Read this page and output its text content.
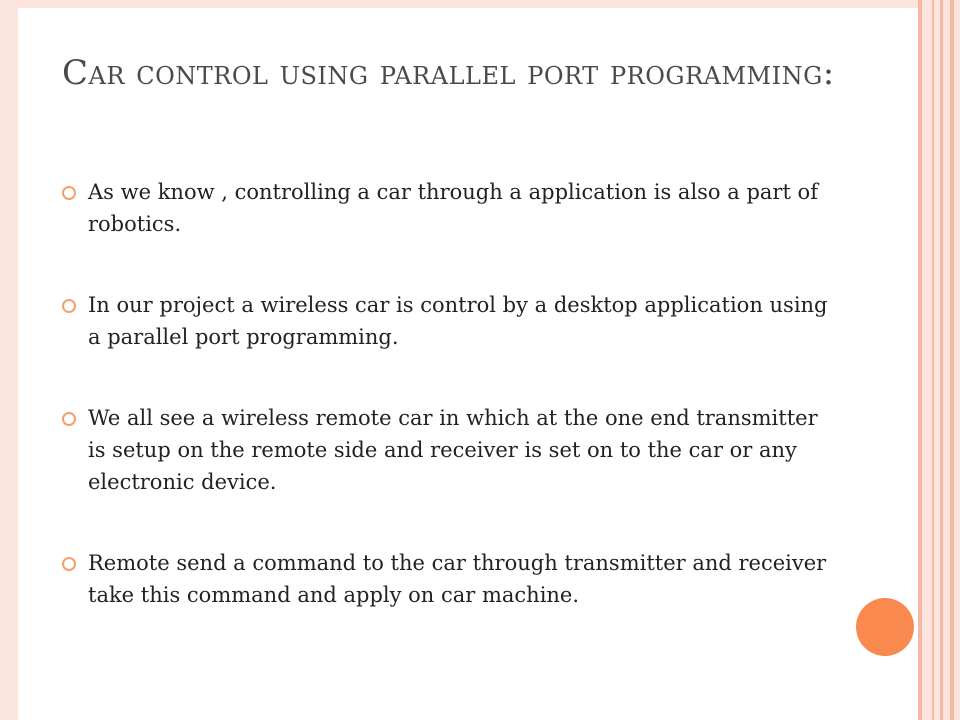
Car control using parallel port programming:
As we know , controlling a car through a application is also a part of robotics.
In our project a wireless car is control by a desktop application using a parallel port programming.
We all see a wireless remote car in which at the one end transmitter is setup on the remote side and receiver is set on to the car or any electronic device.
Remote send a command to the car through transmitter and receiver take this command and apply on car machine.
